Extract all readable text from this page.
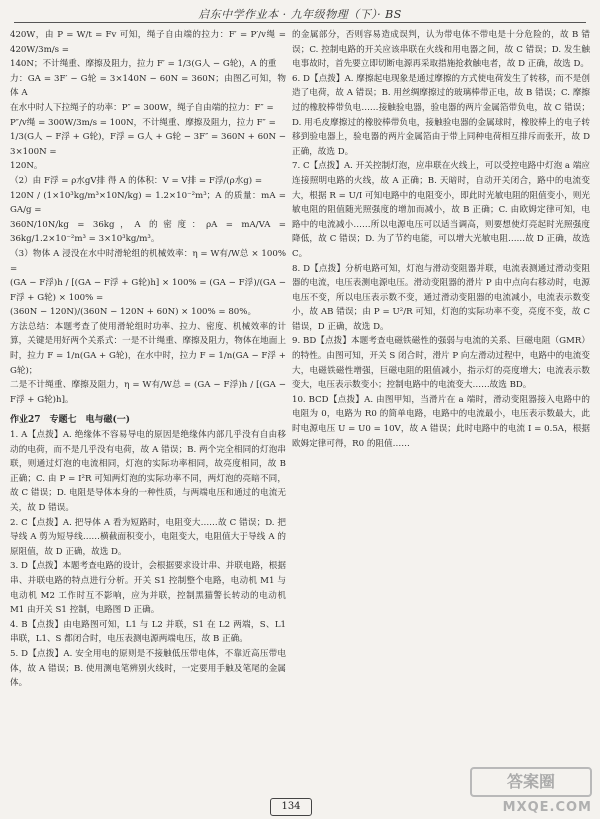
启东中学作业本 · 九年级物理（下）· BS

420W，由 P = W/t = Fv 可知，绳子自由端的拉力：F′ = P′/v绳 = 420W/3m/s =

140N；不计绳重、摩擦及阻力，拉力 F′ = 1/3(G人 − G轮)，A 的重

力：GA = 3F′ − G轮 = 3×140N − 60N = 360N；由图乙可知，物体 A

在水中时人下拉绳子的功率：P″ = 300W，绳子自由端的拉力：F″ =

P″/v绳 = 300W/3m/s = 100N，不计绳重、摩擦及阻力，拉力 F″ =

1/3(G人 − F浮 + G轮)，F浮 = G人 + G轮 − 3F″ = 360N + 60N − 3×100N =

120N。

（2）由 F浮 = ρ水gV排 得 A 的体积：V = V排 = F浮/(ρ水g) =

120N / (1×10³kg/m³×10N/kg) = 1.2×10⁻²m³；A 的质量：mA = GA/g =

360N/10N/kg = 36kg，A 的密度：ρA = mA/VA = 36kg/1.2×10⁻²m³ = 3×10³kg/m³。

（3）物体 A 浸没在水中时滑轮组的机械效率：η = W有/W总 × 100% =

(GA − F浮)h / [(GA − F浮 + G轮)h] × 100% = (GA − F浮)/(GA − F浮 + G轮) × 100% =

(360N − 120N)/(360N − 120N + 60N) × 100% = 80%。

方法总结：本题考查了使用滑轮组时功率、拉力、密度、机械效率的计算，关键是用好两个关系式：一是不计绳重、摩擦及阻力，物体在地面上时，拉力 F = 1/n(GA + G轮)，在水中时，拉力 F = 1/n(GA − F浮 + G轮)；

二是不计绳重、摩擦及阻力，η = W有/W总 = (GA − F浮)h / [(GA − F浮 + G轮)h]。

作业27　专题七　电与磁(一)

1. A【点拨】A. 绝缘体不容易导电的原因是绝缘体内部几乎没有自由移动的电荷，而不是几乎没有电荷，故 A 错误；B. 两个完全相同的灯泡串联，则通过灯泡的电流相同，灯泡的实际功率相同，故亮度相同，故 B 正确；C. 由 P = I²R 可知两灯泡的实际功率不同，两灯泡的亮暗不同，故 C 错误；D. 电阻是导体本身的一种性质，与两端电压和通过的电流无关，故 D 错误。

2. C【点拨】A. 把导体 A 看为短路时，电阻变大……故 C 错误；D. 把导线 A 剪为短导线……横截面积变小，电阻变大，电阻值大于导线 A 的原阻值，故 D 正确，故选 D。

3. D【点拨】本题考查电路的设计，会根据要求设计串、并联电路，根据串、并联电路的特点进行分析。开关 S1 控制整个电路，电动机 M1 与电动机 M2 工作时互不影响，应为并联，控制黑猫警长转动的电动机 M1 由开关 S1 控制，电路图 D 正确。

4. B【点拨】由电路图可知，L1 与 L2 并联，S1 在 L2 两端，S、L1 串联，L1、S 都闭合时，电压表测电源两端电压，故 B 正确。

5. D【点拨】A. 安全用电的原则是不接触低压带电体，不靠近高压带电体，故 A 错误；B. 使用测电笔辨别火线时，一定要用手触及笔尾的金属体。

的金属部分，否则容易造成误判，认为带电体不带电是十分危险的，故 B 错误；C. 控制电路的开关应该串联在火线和用电器之间，故 C 错误；D. 发生触电事故时，首先要立即切断电源再采取措施抢救触电者，故 D 正确，故选 D。

6. D【点拨】A. 摩擦起电现象是通过摩擦的方式使电荷发生了转移，而不是创造了电荷，故 A 错误；B. 用丝绸摩擦过的玻璃棒带正电，故 B 错误；C. 摩擦过的橡胶棒带负电……接触验电器，验电器的两片金属箔带负电，故 C 错误；D. 用毛皮摩擦过的橡胶棒带负电，接触验电器的金属球时，橡胶棒上的电子转移到验电器上，验电器的两片金属箔由于带上同种电荷相互排斥而张开，故 D 正确，故选 D。

7. C【点拨】A. 开关控制灯泡，应串联在火线上，可以受控电路中灯泡 a 端应连接照明电路的火线，故 A 正确；B. 天暗时，自动开关闭合，路中的电流变大，根据 R = U/I 可知电路中的电阻变小，即此时光敏电阻的阻值变小，则光敏电阻的阻值随光照强度的增加而减小，故 B 正确；C. 由欧姆定律可知，电路中的电流减小……所以电源电压可以适当调高，则要想使灯亮起时光照强度降低，故 C 错误；D. 为了节约电能，可以增大光敏电阻……故 D 正确，故选 C。

8. D【点拨】分析电路可知，灯泡与滑动变阻器并联，电流表测通过滑动变阻器的电流，电压表测电源电压。滑动变阻器的滑片 P 由中点向右移动时，电源电压不变，所以电压表示数不变，通过滑动变阻器的电流减小，电流表示数变小，故 AB 错误；由 P = U²/R 可知，灯泡的实际功率不变，亮度不变，故 C 错误，D 正确，故选 D。

9. BD【点拨】本题考查电磁铁磁性的强弱与电流的关系、巨磁电阻（GMR）的特性。由图可知，开关 S 闭合时，滑片 P 向左滑动过程中，电路中的电流变大，电磁铁磁性增强，巨磁电阻的阻值减小，指示灯的亮度增大；电流表示数变大，电压表示数变小；控制电路中的电流变大……故选 BD。

10. BCD【点拨】A. 由图甲知，当滑片在 a 端时，滑动变阻器接入电路中的电阻为 0，电路为 R0 的简单电路，电路中的电流最小，电压表示数最大，此时电源电压 U = U0 = 10V，故 A 错误；此时电路中的电流 I = 0.5A，根据欧姆定律可得，R0 的阻值……

134
答案圈
MXQE.COM
